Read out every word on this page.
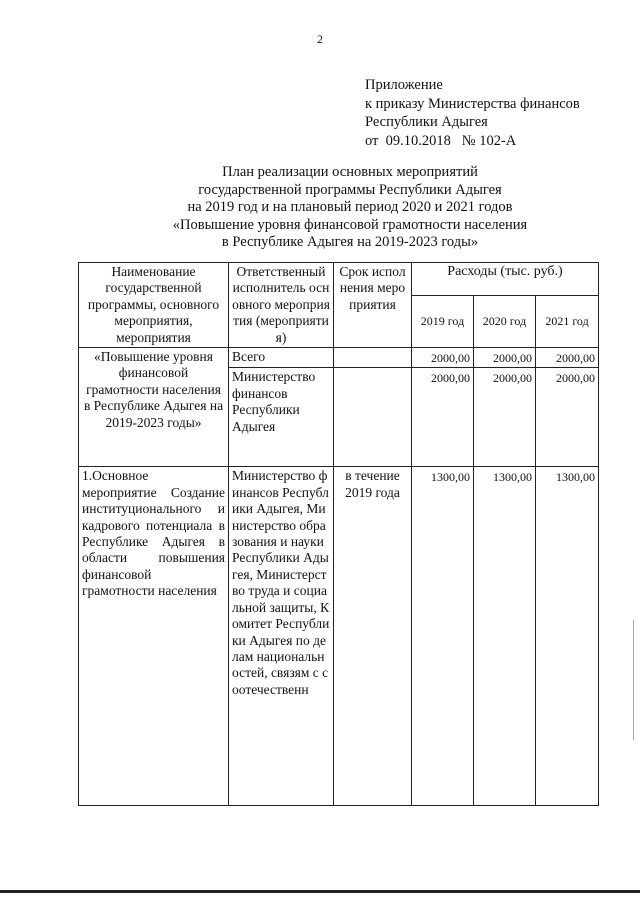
2
Приложение
к приказу Министерства финансов
Республики Адыгея
от  09.10.2018   № 102-А
План реализации основных мероприятий
государственной программы Республики Адыгея
на 2019 год и на плановый период 2020 и 2021 годов
«Повышение уровня финансовой грамотности населения
в Республике Адыгея на 2019-2023 годы»
Наименование государственной программы, основного мероприятия, мероприятия	Ответственный исполнитель основного мероприятия (мероприятия)	Срок исполнения мероприятия	Расходы (тыс. руб.)		
			2019 год	2020 год	2021 год
«Повышение уровня финансовой грамотности населения в Республике Адыгея на 2019-2023 годы»	Всего		2000,00	2000,00	2000,00
	Министерство финансов Республики Адыгея		2000,00	2000,00	2000,00
1.Основное мероприятие Создание институционального и кадрового потенциала в Республике Адыгея в области повышения финансовой грамотности населения	Министерство финансов Республики Адыгея, Министерство образования и науки Республики Адыгея, Министерство труда и социальной защиты, Комитет Республики Адыгея по делам национальностей, связям с соотечественн	в течение 2019 года	1300,00	1300,00	1300,00
